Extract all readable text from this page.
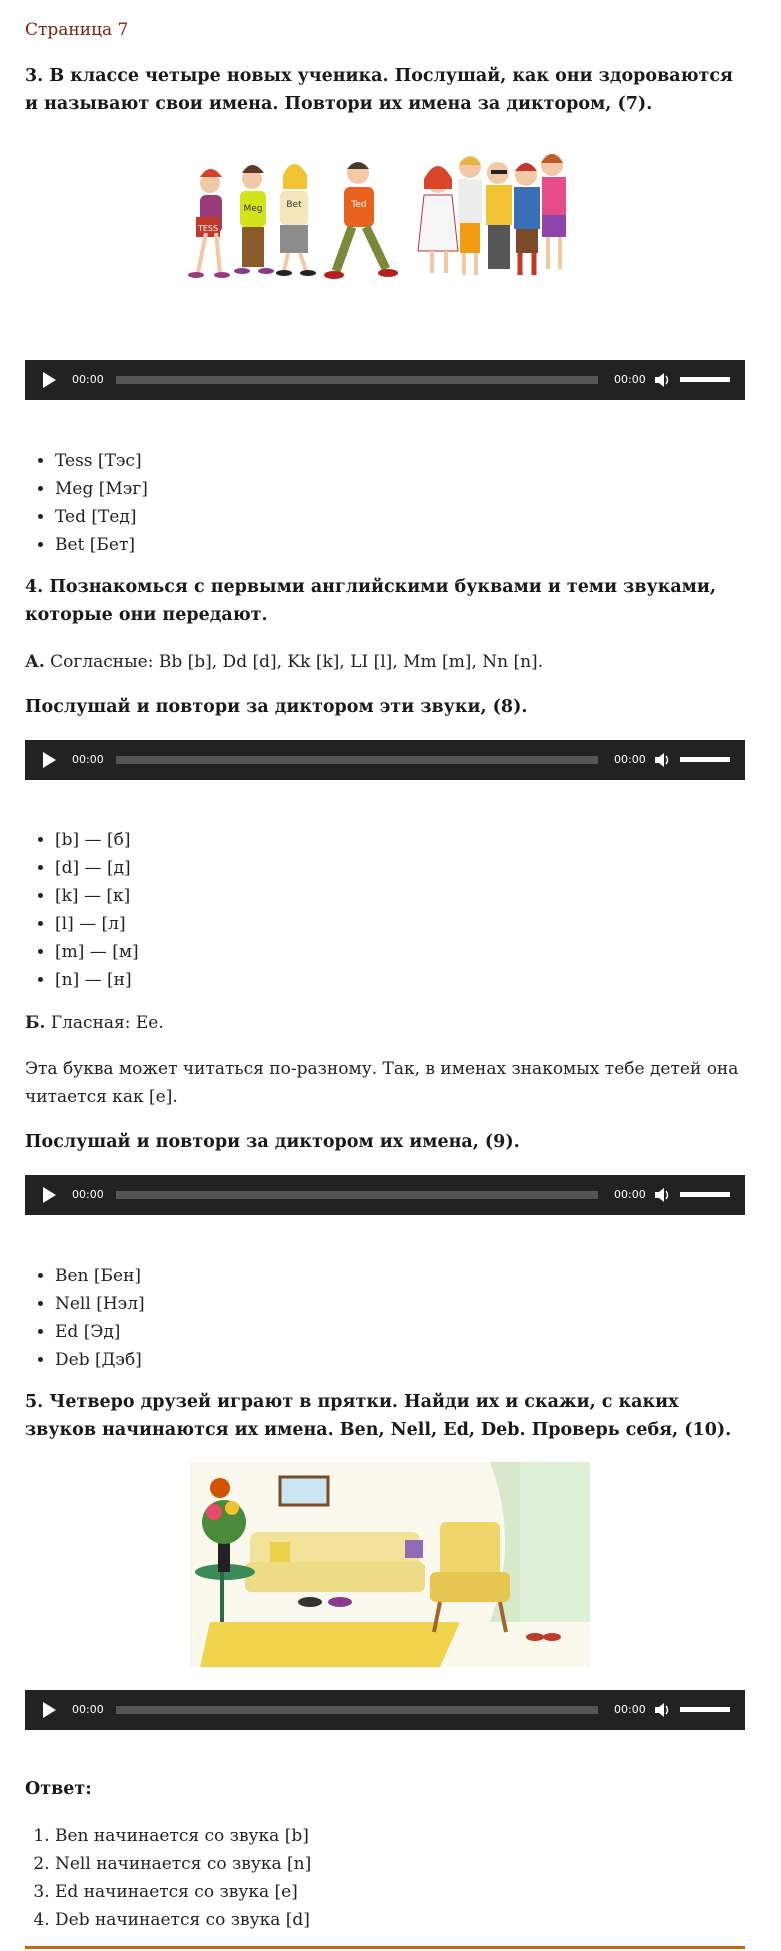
Страница 7
3. В классе четыре новых ученика. Послушай, как они здороваются и называют свои имена. Повтори их имена за диктором, (7).
TESS
Meg	Bet	Ted
00:00	00:00
• Tess [Тэс]
• Meg [Мэг]
• Ted [Тед]
• Bet [Бет]
4. Познакомься с первыми английскими буквами и теми звуками, которые они передают.
А. Согласные: Bb [b], Dd [d], Kk [k], LI [l], Mm [m], Nn [n].
Послушай и повтори за диктором эти звуки, (8).
00:00	00:00
• [b] — [б]
• [d] — [д]
• [k] — [к]
• [l] — [л]
• [m] — [м]
• [n] — [н]
Б. Гласная: Ee.
Эта буква может читаться по-разному. Так, в именах знакомых тебе детей она читается как [e].
Послушай и повтори за диктором их имена, (9).
00:00	00:00
• Ben [Бен]
• Nell [Нэл]
• Ed [Эд]
• Deb [Дэб]
5. Четверо друзей играют в прятки. Найди их и скажи, с каких звуков начинаются их имена. Ben, Nell, Ed, Deb. Проверь себя, (10).
00:00	00:00
Ответ:
1. Ben начинается со звука [b]
2. Nell начинается со звука [n]
3. Ed начинается со звука [e]
4. Deb начинается со звука [d]
